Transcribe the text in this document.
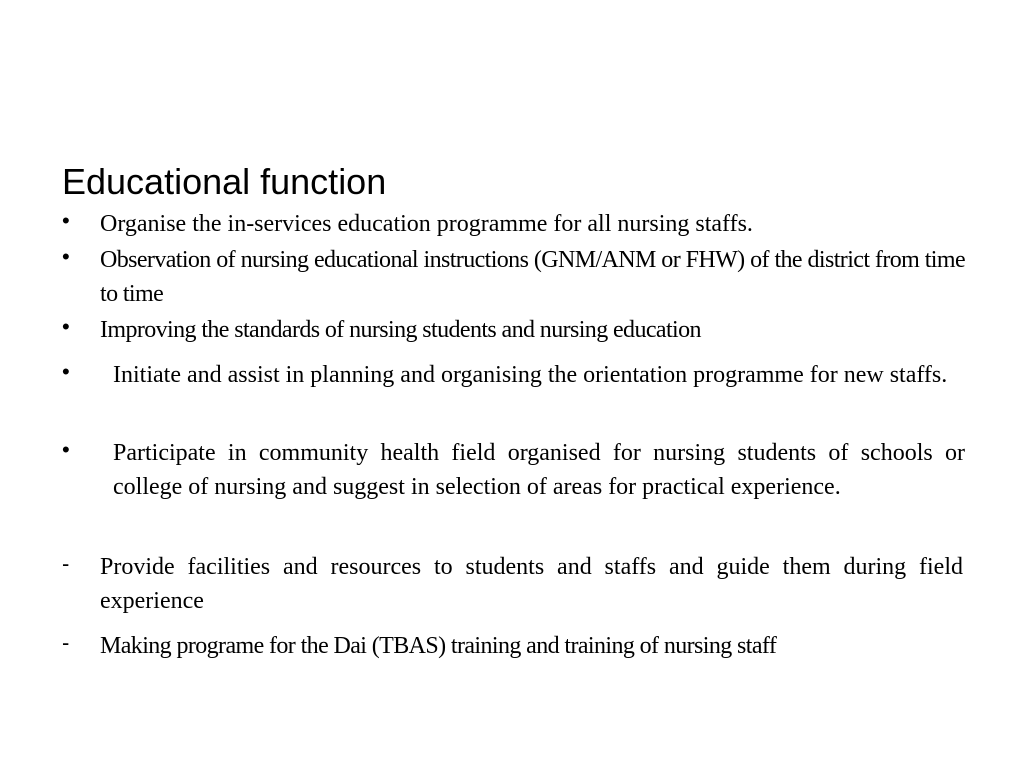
Educational function
• Organise the in-services education programme for all nursing staffs.
• Observation of nursing educational instructions (GNM/ANM or FHW) of the district from time to time
• Improving the standards of nursing students and nursing education
• Initiate and assist in planning and organising the orientation programme for new staffs.
• Participate in community health field organised for nursing students of schools or college of nursing and suggest in selection of areas for practical experience.
- Provide facilities and resources to students and staffs and guide them during field experience
- Making programe for the Dai (TBAS) training and training of nursing staff
